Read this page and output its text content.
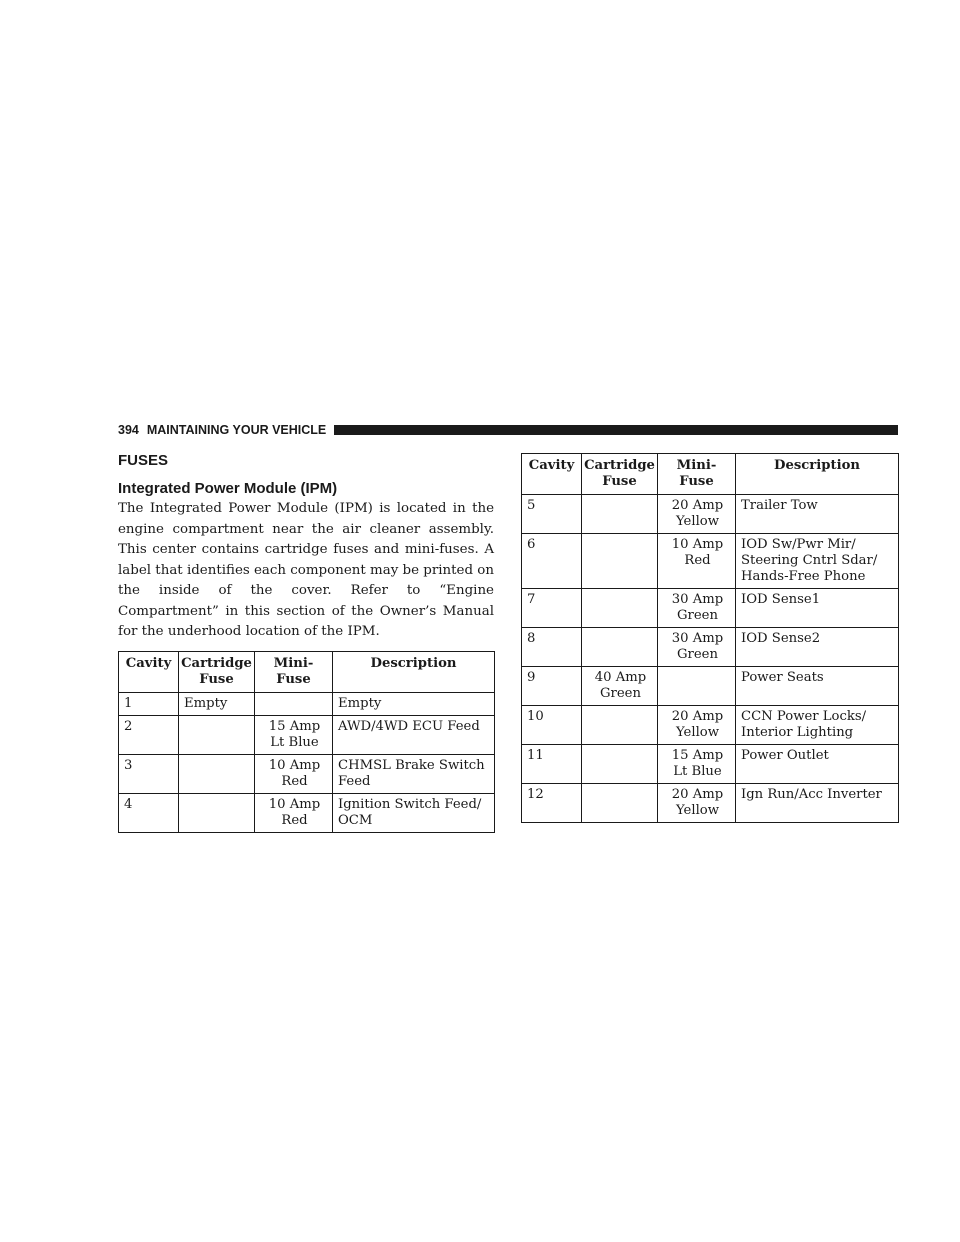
394 MAINTAINING YOUR VEHICLE
FUSES
Integrated Power Module (IPM)

The Integrated Power Module (IPM) is located in the engine compartment near the air cleaner assembly. This center contains cartridge fuses and mini-fuses. A label that identifies each component may be printed on the inside of the cover. Refer to “Engine Compartment” in this section of the Owner’s Manual for the underhood location of the IPM.

Cavity	Cartridge Fuse	Mini-Fuse	Description
1	Empty		Empty
2		15 Amp Lt Blue	AWD/4WD ECU Feed
3		10 Amp Red	CHMSL Brake Switch Feed
4		10 Amp Red	Ignition Switch Feed/ OCM
Cavity	Cartridge Fuse	Mini-Fuse	Description
5		20 Amp Yellow	Trailer Tow
6		10 Amp Red	IOD Sw/Pwr Mir/ Steering Cntrl Sdar/ Hands-Free Phone
7		30 Amp Green	IOD Sense1
8		30 Amp Green	IOD Sense2
9	40 Amp Green		Power Seats
10		20 Amp Yellow	CCN Power Locks/ Interior Lighting
11		15 Amp Lt Blue	Power Outlet
12		20 Amp Yellow	Ign Run/Acc Inverter
